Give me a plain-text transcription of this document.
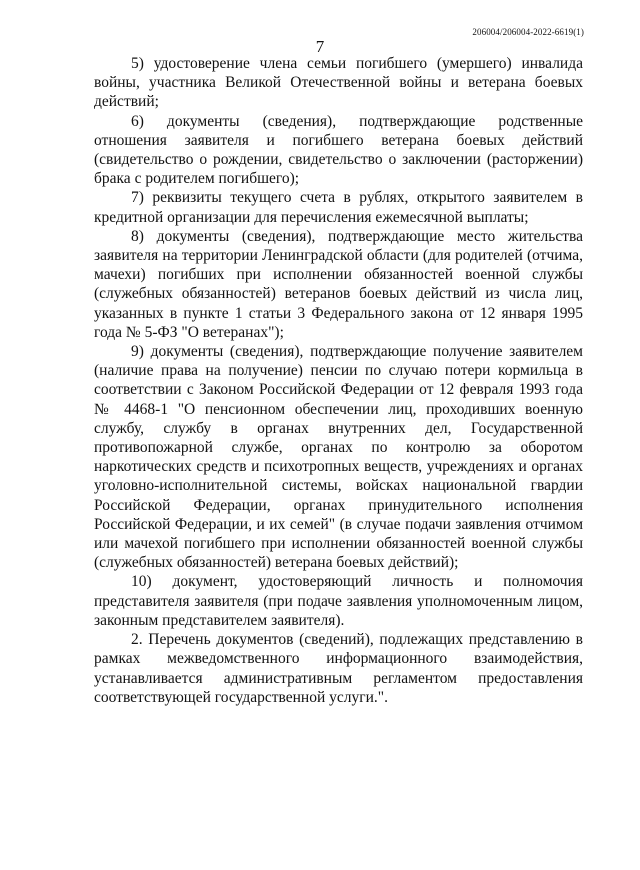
206004/206004-2022-6619(1)
7

5) удостоверение члена семьи погибшего (умершего) инвалида войны, участника Великой Отечественной войны и ветерана боевых действий;

6) документы (сведения), подтверждающие родственные отношения заявителя и погибшего ветерана боевых действий (свидетельство о рождении, свидетельство о заключении (расторжении) брака с родителем погибшего);

7) реквизиты текущего счета в рублях, открытого заявителем в кредитной организации для перечисления ежемесячной выплаты;

8) документы (сведения), подтверждающие место жительства заявителя на территории Ленинградской области (для родителей (отчима, мачехи) погибших при исполнении обязанностей военной службы (служебных обязанностей) ветеранов боевых действий из числа лиц, указанных в пункте 1 статьи 3 Федерального закона от 12 января 1995 года № 5-ФЗ "О ветеранах");

9) документы (сведения), подтверждающие получение заявителем (наличие права на получение) пенсии по случаю потери кормильца в соответствии с Законом Российской Федерации от 12 февраля 1993 года № 4468-1 "О пенсионном обеспечении лиц, проходивших военную службу, службу в органах внутренних дел, Государственной противопожарной службе, органах по контролю за оборотом наркотических средств и психотропных веществ, учреждениях и органах уголовно-исполнительной системы, войсках национальной гвардии Российской Федерации, органах принудительного исполнения Российской Федерации, и их семей" (в случае подачи заявления отчимом или мачехой погибшего при исполнении обязанностей военной службы (служебных обязанностей) ветерана боевых действий);

10) документ, удостоверяющий личность и полномочия представителя заявителя (при подаче заявления уполномоченным лицом, законным представителем заявителя).

2. Перечень документов (сведений), подлежащих представлению в рамках межведомственного информационного взаимодействия, устанавливается административным регламентом предоставления соответствующей государственной услуги.".
